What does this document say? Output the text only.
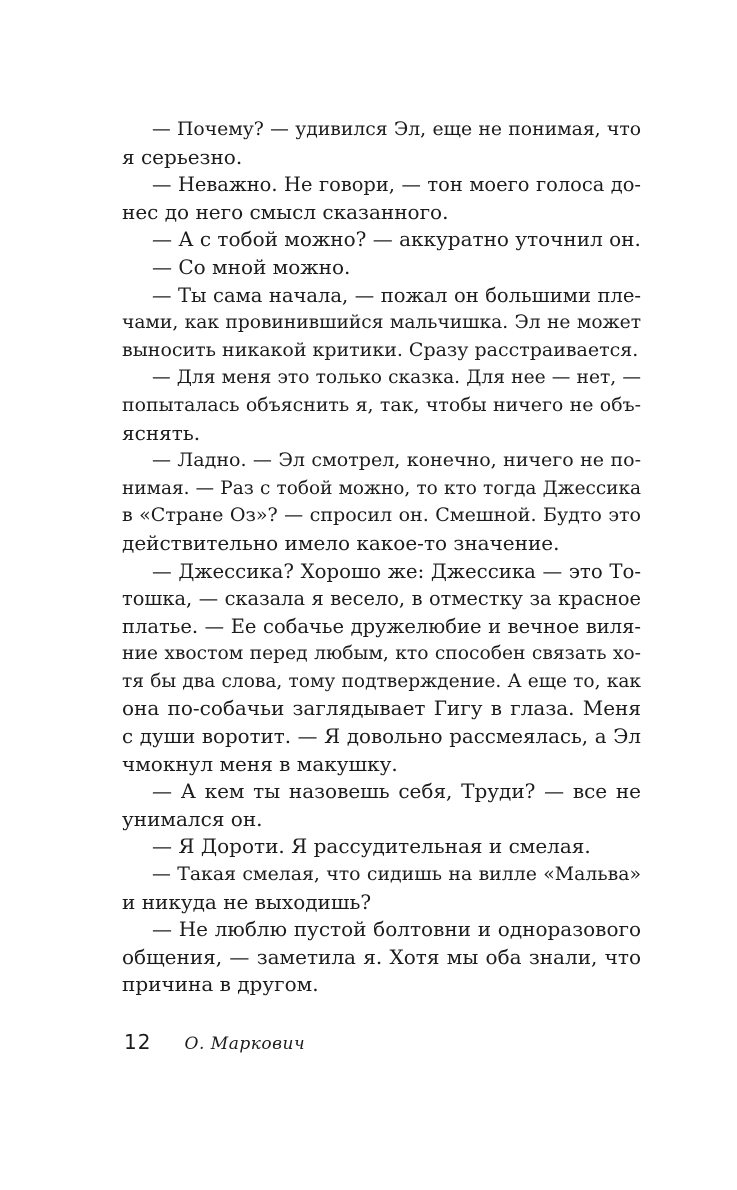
— Почему? — удивился Эл, еще не понимая, что
я серьезно.
— Неважно. Не говори, — тон моего голоса до-
нес до него смысл сказанного.
— А с тобой можно? — аккуратно уточнил он.
— Со мной можно.
— Ты сама начала, — пожал он большими пле-
чами, как провинившийся мальчишка. Эл не может
выносить никакой критики. Сразу расстраивается.
— Для меня это только сказка. Для нее — нет, —
попыталась объяснить я, так, чтобы ничего не объ-
яснять.
— Ладно. — Эл смотрел, конечно, ничего не по-
нимая. — Раз с тобой можно, то кто тогда Джессика
в «Стране Оз»? — спросил он. Смешной. Будто это
действительно имело какое-то значение.
— Джессика? Хорошо же: Джессика — это То-
тошка, — сказала я весело, в отместку за красное
платье. — Ее собачье дружелюбие и вечное виля-
ние хвостом перед любым, кто способен связать хо-
тя бы два слова, тому подтверждение. А еще то, как
она по-собачьи заглядывает Гигу в глаза. Меня
с души воротит. — Я довольно рассмеялась, а Эл
чмокнул меня в макушку.
— А кем ты назовешь себя, Труди? — все не
унимался он.
— Я Дороти. Я рассудительная и смелая.
— Такая смелая, что сидишь на вилле «Мальва»
и никуда не выходишь?
— Не люблю пустой болтовни и одноразового
общения, — заметила я. Хотя мы оба знали, что
причина в другом.
12 О. Маркович
